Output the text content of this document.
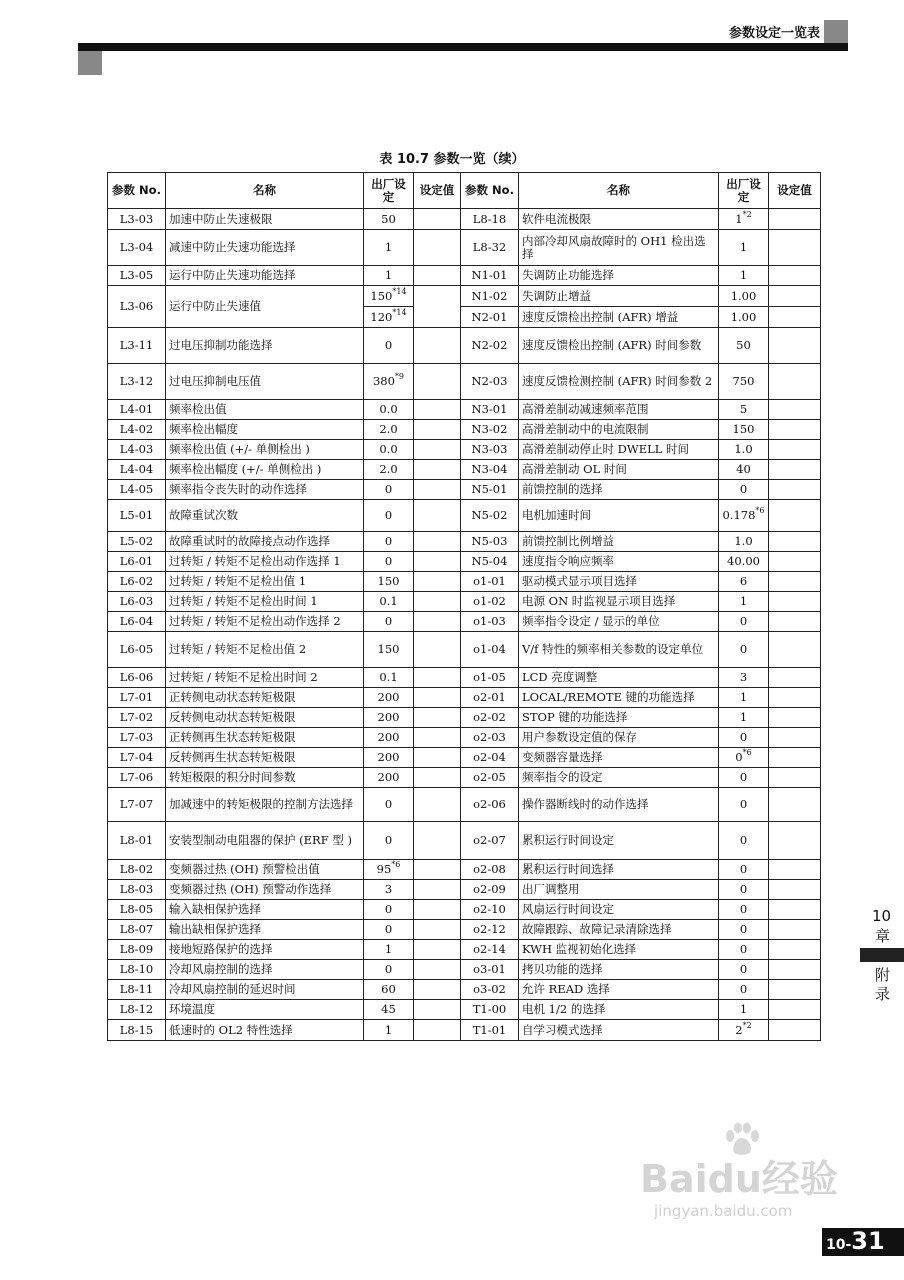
参数设定一览表
表 10.7 参数一览（续）
参数 No.	名称	出厂设定	设定值	参数 No.	名称	出厂设定	设定值
L3-03	加速中防止失速极限	50		L8-18	软件电流极限	1$^{*2}$	
L3-04	减速中防止失速功能选择	1		L8-32	内部冷却风扇故障时的 OH1 检出选择	1	
L3-05	运行中防止失速功能选择	1		N1-01	失调防止功能选择	1	
L3-06	运行中防止失速值	150$^{*14}$		N1-02	失调防止增益	1.00	
		120$^{*14}$		N2-01	速度反馈检出控制 (AFR) 增益	1.00	
L3-11	过电压抑制功能选择	0		N2-02	速度反馈检出控制 (AFR) 时间参数	50	
L3-12	过电压抑制电压值	380$^{*9}$		N2-03	速度反馈检测控制 (AFR) 时间参数 2	750	
L4-01	频率检出值	0.0		N3-01	高滑差制动减速频率范围	5	
L4-02	频率检出幅度	2.0		N3-02	高滑差制动中的电流限制	150	
L4-03	频率检出值 (+/- 单侧检出 )	0.0		N3-03	高滑差制动停止时 DWELL 时间	1.0	
L4-04	频率检出幅度 (+/- 单侧检出 )	2.0		N3-04	高滑差制动 OL 时间	40	
L4-05	频率指令丧失时的动作选择	0		N5-01	前馈控制的选择	0	
L5-01	故障重试次数	0		N5-02	电机加速时间	0.178$^{*6}$	
L5-02	故障重试时的故障接点动作选择	0		N5-03	前馈控制比例增益	1.0	
L6-01	过转矩 / 转矩不足检出动作选择 1	0		N5-04	速度指令响应频率	40.00	
L6-02	过转矩 / 转矩不足检出值 1	150		o1-01	驱动模式显示项目选择	6	
L6-03	过转矩 / 转矩不足检出时间 1	0.1		o1-02	电源 ON 时监视显示项目选择	1	
L6-04	过转矩 / 转矩不足检出动作选择 2	0		o1-03	频率指令设定 / 显示的单位	0	
L6-05	过转矩 / 转矩不足检出值 2	150		o1-04	V/f 特性的频率相关参数的设定单位	0	
L6-06	过转矩 / 转矩不足检出时间 2	0.1		o1-05	LCD 亮度调整	3	
L7-01	正转侧电动状态转矩极限	200		o2-01	LOCAL/REMOTE 键的功能选择	1	
L7-02	反转侧电动状态转矩极限	200		o2-02	STOP 键的功能选择	1	
L7-03	正转侧再生状态转矩极限	200		o2-03	用户参数设定值的保存	0	
L7-04	反转侧再生状态转矩极限	200		o2-04	变频器容量选择	0$^{*6}$	
L7-06	转矩极限的积分时间参数	200		o2-05	频率指令的设定	0	
L7-07	加减速中的转矩极限的控制方法选择	0		o2-06	操作器断线时的动作选择	0	
L8-01	安装型制动电阻器的保护 (ERF 型 )	0		o2-07	累积运行时间设定	0	
L8-02	变频器过热 (OH) 预警检出值	95$^{*6}$		o2-08	累积运行时间选择	0	
L8-03	变频器过热 (OH) 预警动作选择	3		o2-09	出厂调整用	0	
L8-05	输入缺相保护选择	0		o2-10	风扇运行时间设定	0	
L8-07	输出缺相保护选择	0		o2-12	故障跟踪、故障记录清除选择	0	
L8-09	接地短路保护的选择	1		o2-14	KWH 监视初始化选择	0	
L8-10	冷却风扇控制的选择	0		o3-01	拷贝功能的选择	0	
L8-11	冷却风扇控制的延迟时间	60		o3-02	允许 READ 选择	0	
L8-12	环境温度	45		T1-00	电机 1/2 的选择	1	
L8-15	低速时的 OL2 特性选择	1		T1-01	自学习模式选择	2$^{*2}$	
10
章
附录
10-31
Baidu经验
jingyan.baidu.com
